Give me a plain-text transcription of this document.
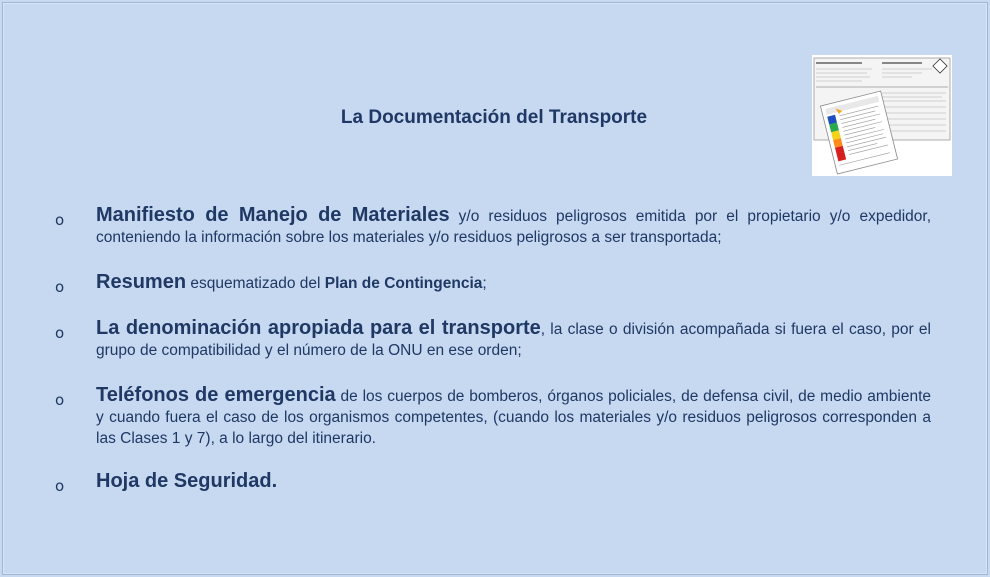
La Documentación del Transporte
o Manifiesto de Manejo de Materiales y/o residuos peligrosos emitida por el propietario y/o expedidor, conteniendo la información sobre los materiales y/o residuos peligrosos a ser transportada;
o Resumen esquematizado del Plan de Contingencia;
o La denominación apropiada para el transporte, la clase o división acompañada si fuera el caso, por el grupo de compatibilidad y el número de la ONU en ese orden;
o Teléfonos de emergencia de los cuerpos de bomberos, órganos policiales, de defensa civil, de medio ambiente y cuando fuera el caso de los organismos competentes, (cuando los materiales y/o residuos peligrosos corresponden a las Clases 1 y 7), a lo largo del itinerario.
o Hoja de Seguridad.
